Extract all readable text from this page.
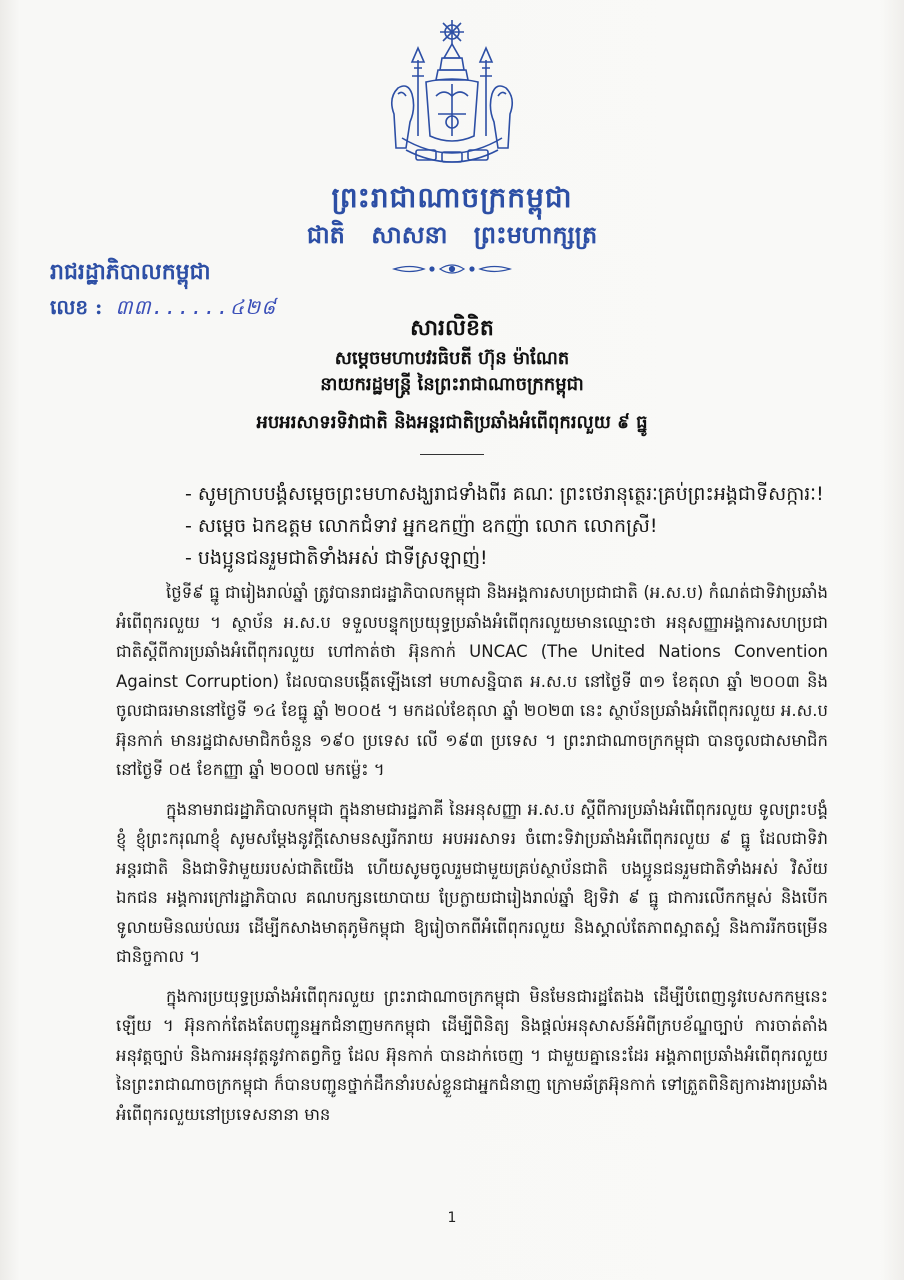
ព្រះរាជាណាចក្រកម្ពុជា
ជាតិ សាសនា ព្រះមហាក្សត្រ
រាជរដ្ឋាភិបាលកម្ពុជា
លេខ : ៣៣......៤២៨
សារលិខិត
សម្តេចមហាបវរធិបតី ហ៊ុន ម៉ាណែត
នាយករដ្ឋមន្ត្រី នៃព្រះរាជាណាចក្រកម្ពុជា
អបអរសាទរទិវាជាតិ និងអន្តរជាតិប្រឆាំងអំពើពុករលួយ ៩ ធ្នូ
- សូមក្រាបបង្គំសម្តេចព្រះមហាសង្ឃរាជទាំងពីរ គណៈ ព្រះថេរានុត្ថេរៈគ្រប់ព្រះអង្គជាទីសក្ការៈ!
- សម្តេច ឯកឧត្តម លោកជំទាវ អ្នកឧកញ៉ា ឧកញ៉ា លោក លោកស្រី!
- បងប្អូនជនរួមជាតិទាំងអស់ ជាទីស្រឡាញ់!

ថ្ងៃទី៩ ធ្នូ ជារៀងរាល់ឆ្នាំ ត្រូវបានរាជរដ្ឋាភិបាលកម្ពុជា និងអង្គការសហប្រជាជាតិ (អ.ស.ប) កំណត់ជាទិវាប្រឆាំងអំពើពុករលួយ ។ ស្ថាប័ន អ.ស.ប ទទួលបន្ទុកប្រយុទ្ធប្រឆាំងអំពើពុករលួយមានឈ្មោះថា អនុសញ្ញាអង្គការសហប្រជាជាតិស្តីពីការប្រឆាំងអំពើពុករលួយ ហៅកាត់ថា អ៊ុនកាក់ UNCAC (The United Nations Convention Against Corruption) ដែលបានបង្កើតឡើងនៅ មហាសន្និបាត អ.ស.ប នៅថ្ងៃទី ៣១ ខែតុលា ឆ្នាំ ២០០៣ និងចូលជាធរមាននៅថ្ងៃទី ១៤ ខែធ្នូ ឆ្នាំ ២០០៥ ។ មកដល់ខែតុលា ឆ្នាំ ២០២៣ នេះ ស្ថាប័នប្រឆាំងអំពើពុករលួយ អ.ស.ប អ៊ុនកាក់ មានរដ្ឋជាសមាជិកចំនួន ១៩០ ប្រទេស លើ ១៩៣ ប្រទេស ។ ព្រះរាជាណាចក្រកម្ពុជា បានចូលជាសមាជិកនៅថ្ងៃទី ០៥ ខែកញ្ញា ឆ្នាំ ២០០៧ មកម្ល៉េះ ។

ក្នុងនាមរាជរដ្ឋាភិបាលកម្ពុជា ក្នុងនាមជារដ្ឋភាគី នៃអនុសញ្ញា អ.ស.ប ស្តីពីការប្រឆាំងអំពើពុករលួយ ទូលព្រះបង្គំខ្ញុំ ខ្ញុំព្រះករុណាខ្ញុំ សូមសម្តែងនូវក្តីសោមនស្សរីករាយ អបអរសាទរ ចំពោះទិវាប្រឆាំងអំពើពុករលួយ ៩ ធ្នូ ដែលជាទិវាអន្តរជាតិ និងជាទិវាមួយរបស់ជាតិយើង ហើយសូមចូលរួមជាមួយគ្រប់ស្ថាប័នជាតិ បងប្អូនជនរួមជាតិទាំងអស់ វិស័យឯកជន អង្គការក្រៅរដ្ឋាភិបាល គណបក្សនយោបាយ ប្រែក្លាយជារៀងរាល់ឆ្នាំ ឱ្យទិវា ៩ ធ្នូ ជាការលើកកម្ពស់ និងបើកទូលាយមិនឈប់ឈរ ដើម្បីកសាងមាតុភូមិកម្ពុជា ឱ្យរៀចាកពីអំពើពុករលួយ និងស្គាល់តែភាពស្អាតស្អំ និងការរីកចម្រើនជានិច្ចកាល ។

ក្នុងការប្រយុទ្ធប្រឆាំងអំពើពុករលួយ ព្រះរាជាណាចក្រកម្ពុជា មិនមែនជារដ្ឋតែឯង ដើម្បីបំពេញនូវបេសកកម្មនេះឡើយ ។ អ៊ុនកាក់តែងតែបញ្ជូនអ្នកជំនាញមកកម្ពុជា ដើម្បីពិនិត្យ និងផ្តល់អនុសាសន៍អំពីក្របខ័ណ្ឌច្បាប់ ការចាត់តាំងអនុវត្តច្បាប់ និងការអនុវត្តនូវកាតព្វកិច្ច ដែល អ៊ុនកាក់ បានដាក់ចេញ ។ ជាមួយគ្នានេះដែរ អង្គភាពប្រឆាំងអំពើពុករលួយ នៃព្រះរាជាណាចក្រកម្ពុជា ក៏បានបញ្ជូនថ្នាក់ដឹកនាំរបស់ខ្លួនជាអ្នកជំនាញ ក្រោមឆ័ត្រអ៊ុនកាក់ ទៅត្រួតពិនិត្យការងារប្រឆាំងអំពើពុករលួយនៅប្រទេសនានា មាន

1
